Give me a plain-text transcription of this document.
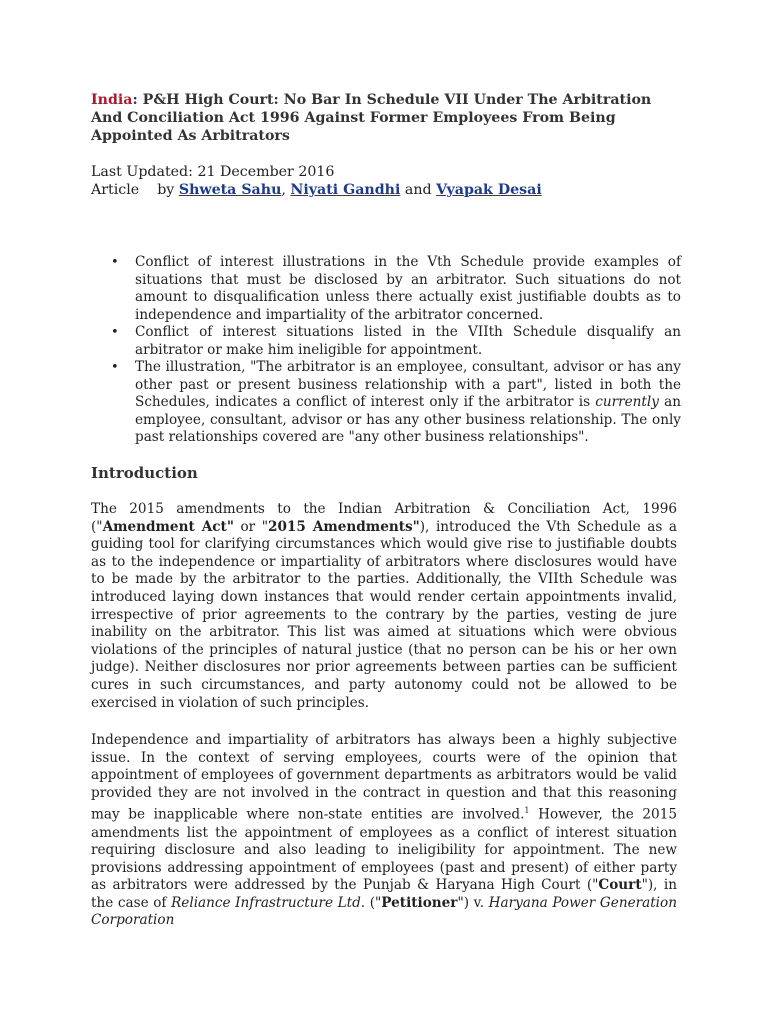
India: P&H High Court: No Bar In Schedule VII Under The Arbitration And Conciliation Act 1996 Against Former Employees From Being Appointed As Arbitrators
Last Updated: 21 December 2016
Article by Shweta Sahu, Niyati Gandhi and Vyapak Desai
• Conflict of interest illustrations in the Vth Schedule provide examples of situations that must be disclosed by an arbitrator. Such situations do not amount to disqualification unless there actually exist justifiable doubts as to independence and impartiality of the arbitrator concerned.
• Conflict of interest situations listed in the VIIth Schedule disqualify an arbitrator or make him ineligible for appointment.
• The illustration, "The arbitrator is an employee, consultant, advisor or has any other past or present business relationship with a part", listed in both the Schedules, indicates a conflict of interest only if the arbitrator is currently an employee, consultant, advisor or has any other business relationship. The only past relationships covered are "any other business relationships".
Introduction

The 2015 amendments to the Indian Arbitration & Conciliation Act, 1996 ("Amendment Act" or "2015 Amendments"), introduced the Vth Schedule as a guiding tool for clarifying circumstances which would give rise to justifiable doubts as to the independence or impartiality of arbitrators where disclosures would have to be made by the arbitrator to the parties. Additionally, the VIIth Schedule was introduced laying down instances that would render certain appointments invalid, irrespective of prior agreements to the contrary by the parties, vesting de jure inability on the arbitrator. This list was aimed at situations which were obvious violations of the principles of natural justice (that no person can be his or her own judge). Neither disclosures nor prior agreements between parties can be sufficient cures in such circumstances, and party autonomy could not be allowed to be exercised in violation of such principles.

Independence and impartiality of arbitrators has always been a highly subjective issue. In the context of serving employees, courts were of the opinion that appointment of employees of government departments as arbitrators would be valid provided they are not involved in the contract in question and that this reasoning may be inapplicable where non-state entities are involved.$^1$ However, the 2015 amendments list the appointment of employees as a conflict of interest situation requiring disclosure and also leading to ineligibility for appointment. The new provisions addressing appointment of employees (past and present) of either party as arbitrators were addressed by the Punjab & Haryana High Court ("Court"), in the case of Reliance Infrastructure Ltd. ("Petitioner") v. Haryana Power Generation Corporation
